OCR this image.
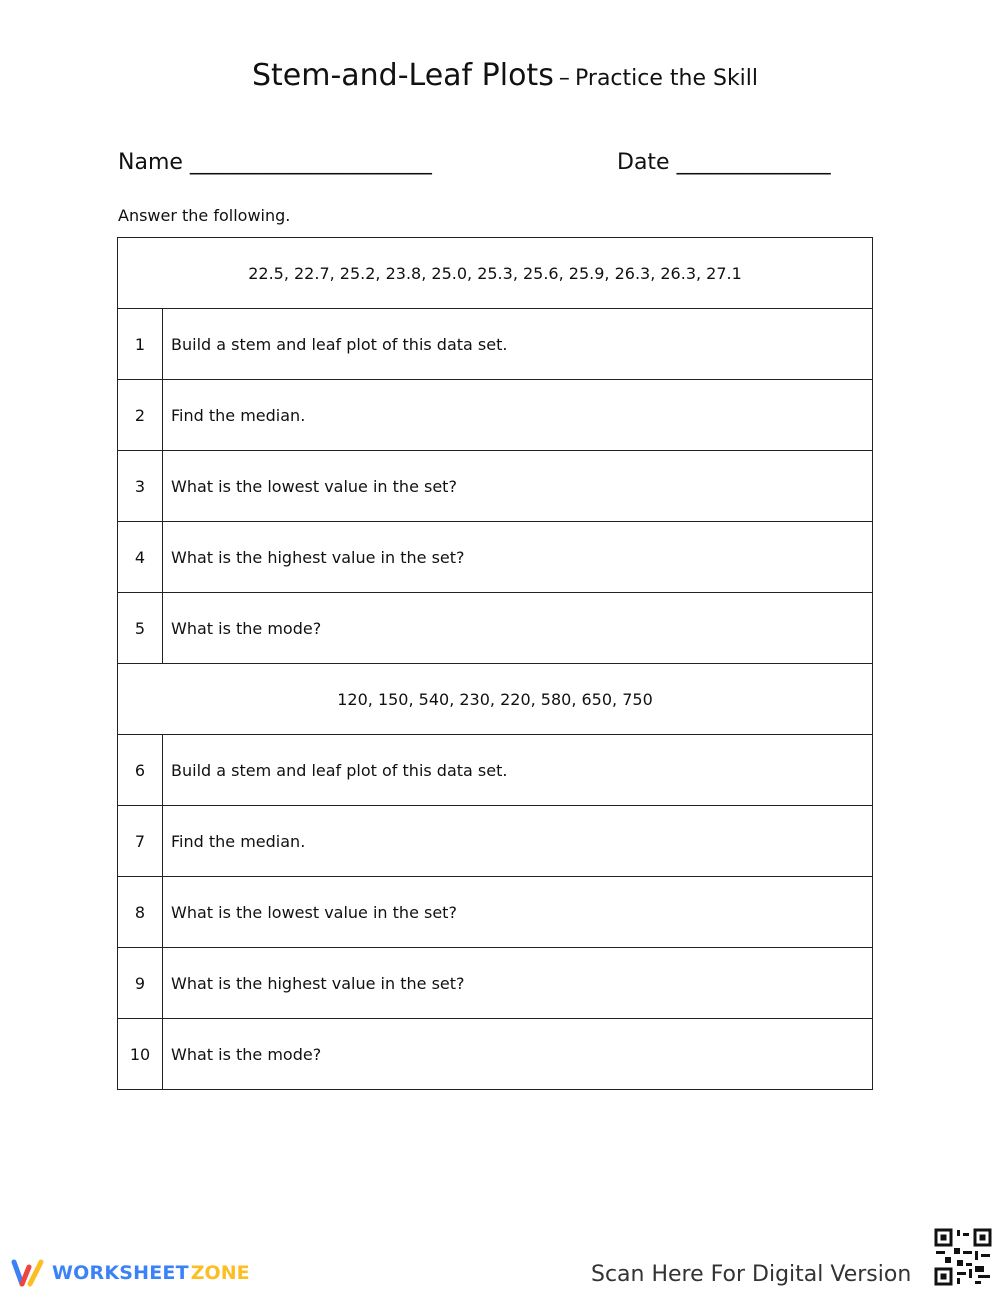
Stem-and-Leaf Plots – Practice the Skill
Name ______________________	Date ______________
Answer the following.
22.5, 22.7, 25.2, 23.8, 25.0, 25.3, 25.6, 25.9, 26.3, 26.3, 27.1	
1	Build a stem and leaf plot of this data set.
2	Find the median.
3	What is the lowest value in the set?
4	What is the highest value in the set?
5	What is the mode?
120, 150, 540, 230, 220, 580, 650, 750	
6	Build a stem and leaf plot of this data set.
7	Find the median.
8	What is the lowest value in the set?
9	What is the highest value in the set?
10	What is the mode?
WORKSHEET ZONE	Scan Here For Digital Version
